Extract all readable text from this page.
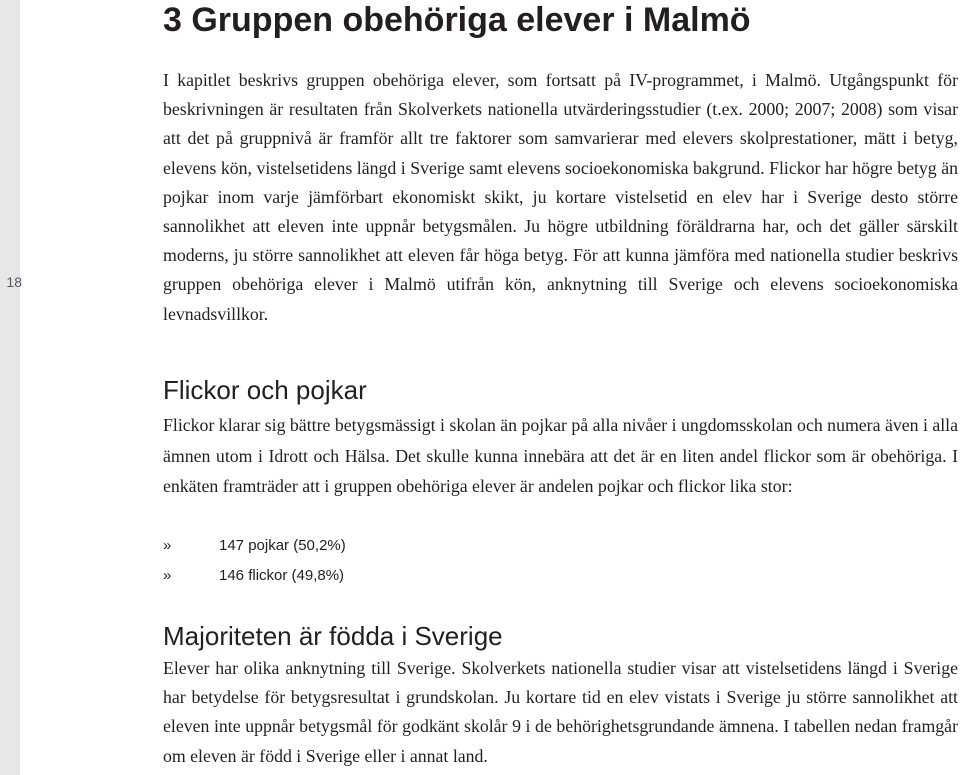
18
3 Gruppen obehöriga elever i Malmö

I kapitlet beskrivs gruppen obehöriga elever, som fortsatt på IV-programmet, i Malmö. Utgångspunkt för beskrivningen är resultaten från Skolverkets nationella utvärderingsstudier (t.ex. 2000; 2007; 2008) som visar att det på gruppnivå är framför allt tre faktorer som samvarierar med elevers skolprestationer, mätt i betyg, elevens kön, vistelsetidens längd i Sverige samt elevens socioekonomiska bakgrund. Flickor har högre betyg än pojkar inom varje jämförbart ekonomiskt skikt, ju kortare vistelsetid en elev har i Sverige desto större sannolikhet att eleven inte uppnår betygsmålen. Ju högre utbildning föräldrarna har, och det gäller särskilt moderns, ju större sannolikhet att eleven får höga betyg. För att kunna jämföra med nationella studier beskrivs gruppen obehöriga elever i Malmö utifrån kön, anknytning till Sverige och elevens socioekonomiska levnadsvillkor.

Flickor och pojkar

Flickor klarar sig bättre betygsmässigt i skolan än pojkar på alla nivåer i ungdomsskolan och numera även i alla ämnen utom i Idrott och Hälsa. Det skulle kunna innebära att det är en liten andel flickor som är obehöriga. I enkäten framträder att i gruppen obehöriga elever är andelen pojkar och flickor lika stor:

»	147 pojkar (50,2%)
»	146 flickor (49,8%)
Majoriteten är födda i Sverige

Elever har olika anknytning till Sverige. Skolverkets nationella studier visar att vistelsetidens längd i Sverige har betydelse för betygsresultat i grundskolan. Ju kortare tid en elev vistats i Sverige ju större sannolikhet att eleven inte uppnår betygsmål för godkänt skolår 9 i de behörighetsgrundande ämnena. I tabellen nedan framgår om eleven är född i Sverige eller i annat land.
